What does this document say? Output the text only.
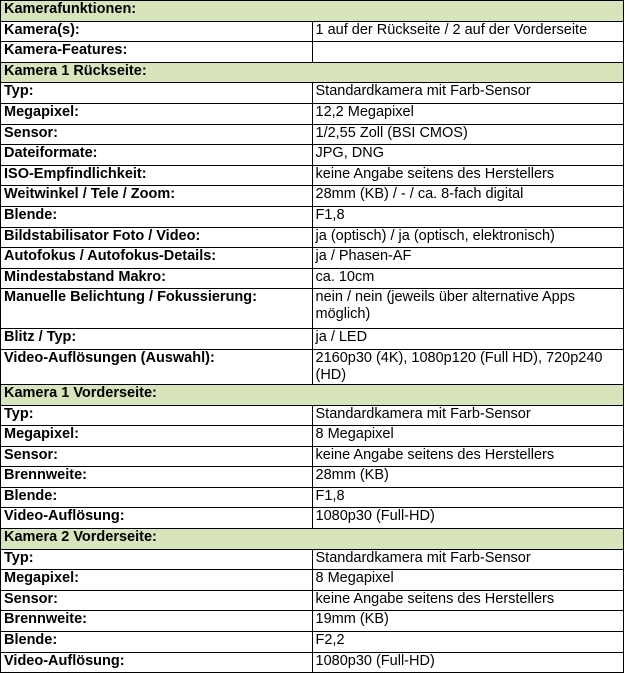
Kamerafunktionen:	
Kamera(s):	1 auf der Rückseite / 2 auf der Vorderseite
Kamera-Features:	
Kamera 1 Rückseite:	
Typ:	Standardkamera mit Farb-Sensor
Megapixel:	12,2 Megapixel
Sensor:	1/2,55 Zoll (BSI CMOS)
Dateiformate:	JPG, DNG
ISO-Empfindlichkeit:	keine Angabe seitens des Herstellers
Weitwinkel / Tele / Zoom:	28mm (KB) / - / ca. 8-fach digital
Blende:	F1,8
Bildstabilisator Foto / Video:	ja (optisch) / ja (optisch, elektronisch)
Autofokus / Autofokus-Details:	ja / Phasen-AF
Mindestabstand Makro:	ca. 10cm
Manuelle Belichtung / Fokussierung:	nein / nein (jeweils über alternative Apps möglich)
Blitz / Typ:	ja / LED
Video-Auflösungen (Auswahl):	2160p30 (4K), 1080p120 (Full HD), 720p240 (HD)
Kamera 1 Vorderseite:	
Typ:	Standardkamera mit Farb-Sensor
Megapixel:	8 Megapixel
Sensor:	keine Angabe seitens des Herstellers
Brennweite:	28mm (KB)
Blende:	F1,8
Video-Auflösung:	1080p30 (Full-HD)
Kamera 2 Vorderseite:	
Typ:	Standardkamera mit Farb-Sensor
Megapixel:	8 Megapixel
Sensor:	keine Angabe seitens des Herstellers
Brennweite:	19mm (KB)
Blende:	F2,2
Video-Auflösung:	1080p30 (Full-HD)
